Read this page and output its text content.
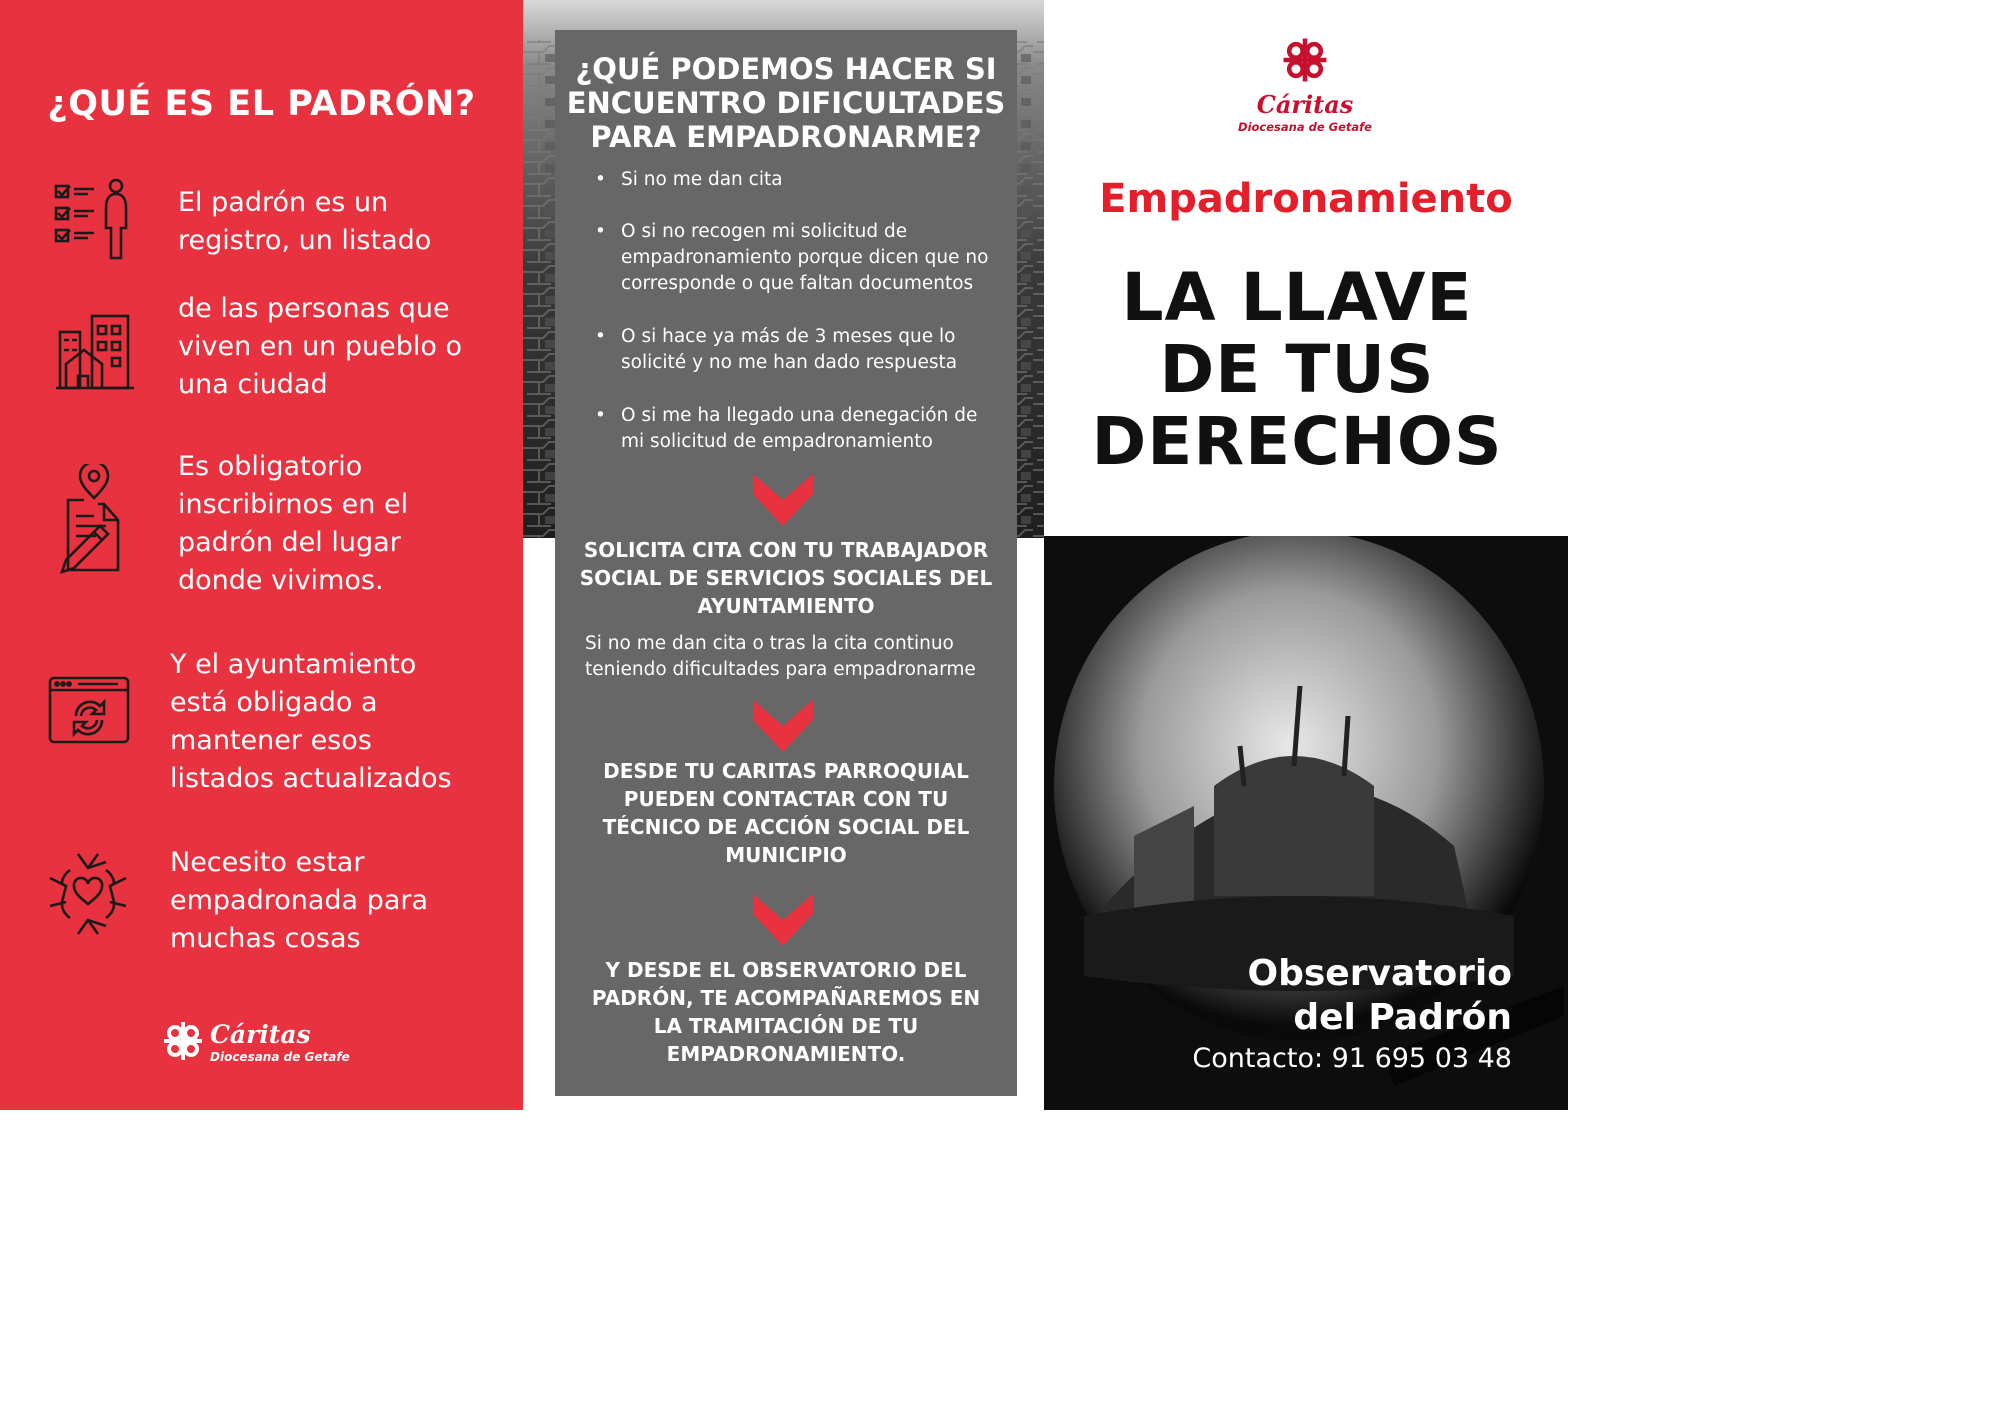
¿QUÉ ES EL PADRÓN?
El padrón es un
registro, un listado
de las personas que
viven en un pueblo o
una ciudad
Es obligatorio
inscribirnos en el
padrón del lugar
donde vivimos.
Y el ayuntamiento
está obligado a
mantener esos
listados actualizados
Necesito estar
empadronada para
muchas cosas
Cáritas
Diocesana de Getafe
¿QUÉ PODEMOS HACER SI
ENCUENTRO DIFICULTADES
PARA EMPADRONARME?
• Si no me dan cita
• O si no recogen mi solicitud de
empadronamiento porque dicen que no
corresponde o que faltan documentos
• O si hace ya más de 3 meses que lo
solicité y no me han dado respuesta
• O si me ha llegado una denegación de
mi solicitud de empadronamiento
SOLICITA CITA CON TU TRABAJADOR
SOCIAL DE SERVICIOS SOCIALES DEL
AYUNTAMIENTO
Si no me dan cita o tras la cita continuo
teniendo dificultades para empadronarme
DESDE TU CARITAS PARROQUIAL
PUEDEN CONTACTAR CON TU
TÉCNICO DE ACCIÓN SOCIAL DEL
MUNICIPIO
Y DESDE EL OBSERVATORIO DEL
PADRÓN, TE ACOMPAÑAREMOS EN
LA TRAMITACIÓN DE TU
EMPADRONAMIENTO.
Cáritas
Diocesana de Getafe
Empadronamiento
LA LLAVE
DE TUS
DERECHOS
Observatorio
del Padrón
Contacto: 91 695 03 48
